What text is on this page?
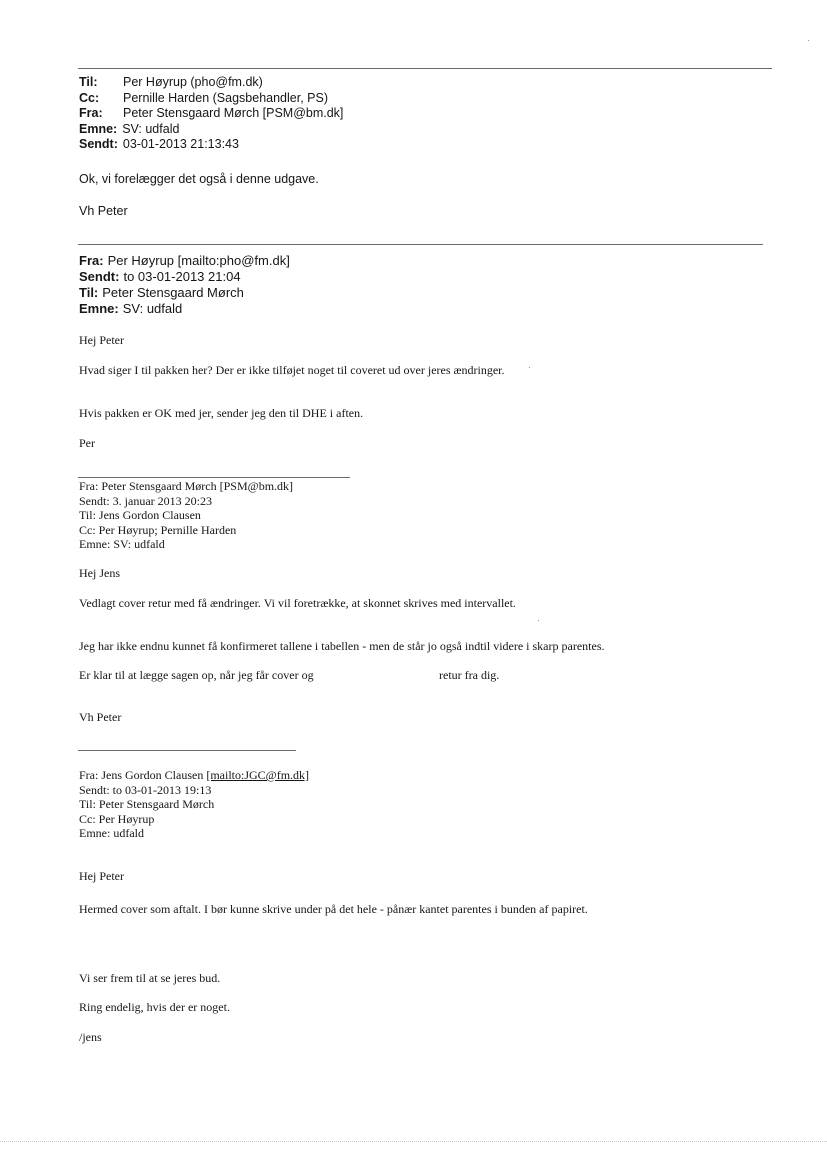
Til: Per Høyrup (pho@fm.dk)
Cc: Pernille Harden (Sagsbehandler, PS)
Fra: Peter Stensgaard Mørch [PSM@bm.dk]
Emne: SV: udfald
Sendt: 03-01-2013 21:13:43
Ok, vi forelægger det også i denne udgave.
Vh Peter
Fra: Per Høyrup [mailto:pho@fm.dk]
Sendt: to 03-01-2013 21:04
Til: Peter Stensgaard Mørch
Emne: SV: udfald
Hej Peter
Hvad siger I til pakken her? Der er ikke tilføjet noget til coveret ud over jeres ændringer.
Hvis pakken er OK med jer, sender jeg den til DHE i aften.
Per
Fra: Peter Stensgaard Mørch [PSM@bm.dk]
Sendt: 3. januar 2013 20:23
Til: Jens Gordon Clausen
Cc: Per Høyrup; Pernille Harden
Emne: SV: udfald
Hej Jens
Vedlagt cover retur med få ændringer. Vi vil foretrække, at skonnet skrives med intervallet.
Jeg har ikke endnu kunnet få konfirmeret tallene i tabellen - men de står jo også indtil videre i skarp parentes.
Er klar til at lægge sagen op, når jeg får cover og	retur fra dig.
Vh Peter
Fra: Jens Gordon Clausen [mailto:JGC@fm.dk]
Sendt: to 03-01-2013 19:13
Til: Peter Stensgaard Mørch
Cc: Per Høyrup
Emne: udfald
Hej Peter
Hermed cover som aftalt. I bør kunne skrive under på det hele - pånær kantet parentes i bunden af papiret.
Vi ser frem til at se jeres bud.
Ring endelig, hvis der er noget.
/jens
